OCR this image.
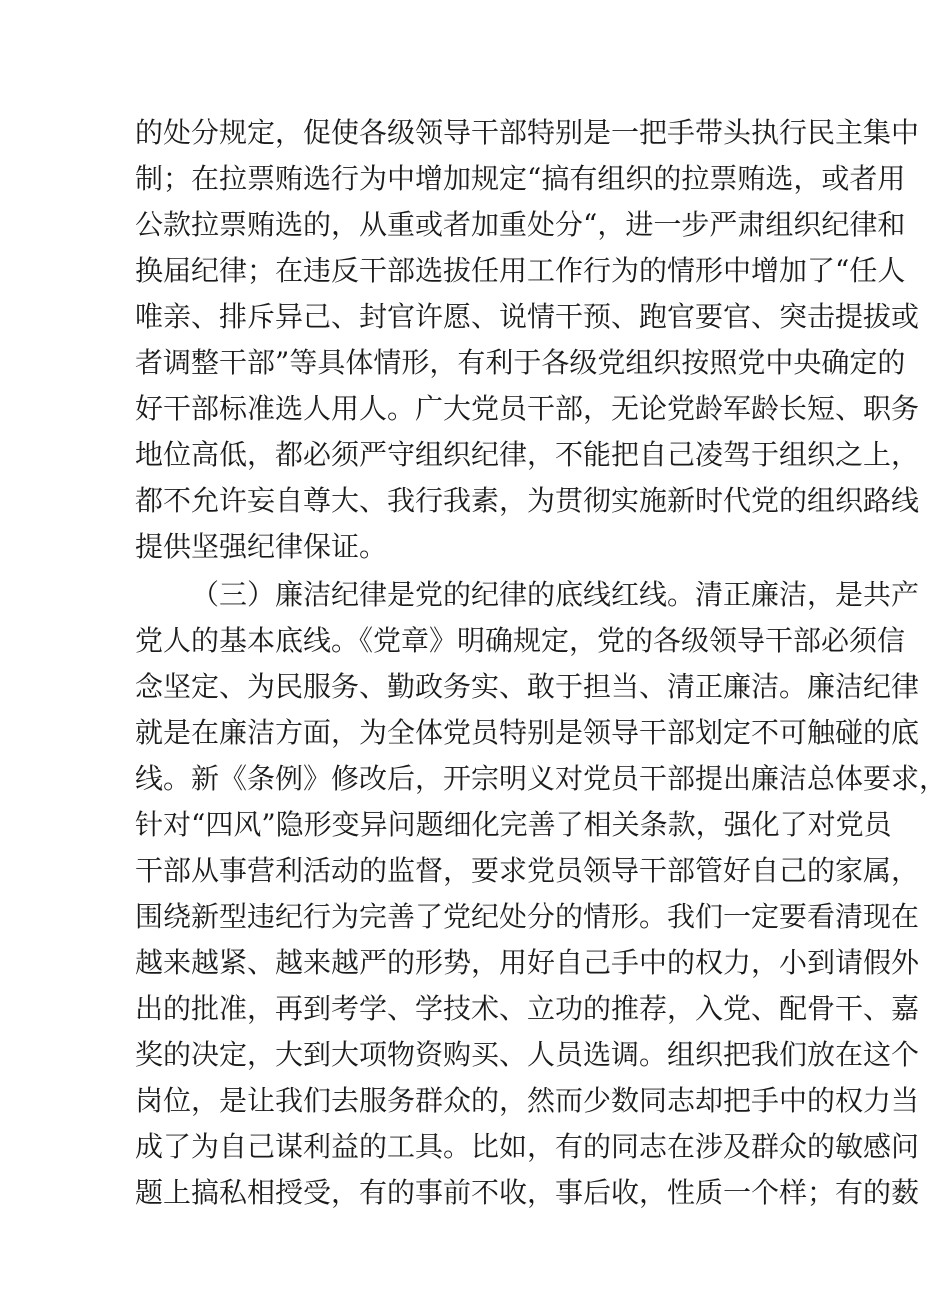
的处分规定，促使各级领导干部特别是一把手带头执行民主集中
制；在拉票贿选行为中增加规定“搞有组织的拉票贿选，或者用
公款拉票贿选的，从重或者加重处分“，进一步严肃组织纪律和
换届纪律；在违反干部选拔任用工作行为的情形中增加了“任人
唯亲、排斥异己、封官许愿、说情干预、跑官要官、突击提拔或
者调整干部”等具体情形，有利于各级党组织按照党中央确定的
好干部标准选人用人。广大党员干部，无论党龄军龄长短、职务
地位高低，都必须严守组织纪律，不能把自己凌驾于组织之上，
都不允许妄自尊大、我行我素，为贯彻实施新时代党的组织路线
提供坚强纪律保证。
（三）廉洁纪律是党的纪律的底线红线。清正廉洁，是共产
党人的基本底线。《党章》明确规定，党的各级领导干部必须信
念坚定、为民服务、勤政务实、敢于担当、清正廉洁。廉洁纪律
就是在廉洁方面，为全体党员特别是领导干部划定不可触碰的底
线。新《条例》修改后，开宗明义对党员干部提出廉洁总体要求，
针对“四风”隐形变异问题细化完善了相关条款，强化了对党员
干部从事营利活动的监督，要求党员领导干部管好自己的家属，
围绕新型违纪行为完善了党纪处分的情形。我们一定要看清现在
越来越紧、越来越严的形势，用好自己手中的权力，小到请假外
出的批准，再到考学、学技术、立功的推荐，入党、配骨干、嘉
奖的决定，大到大项物资购买、人员选调。组织把我们放在这个
岗位，是让我们去服务群众的，然而少数同志却把手中的权力当
成了为自己谋利益的工具。比如，有的同志在涉及群众的敏感问
题上搞私相授受，有的事前不收，事后收，性质一个样；有的薮
